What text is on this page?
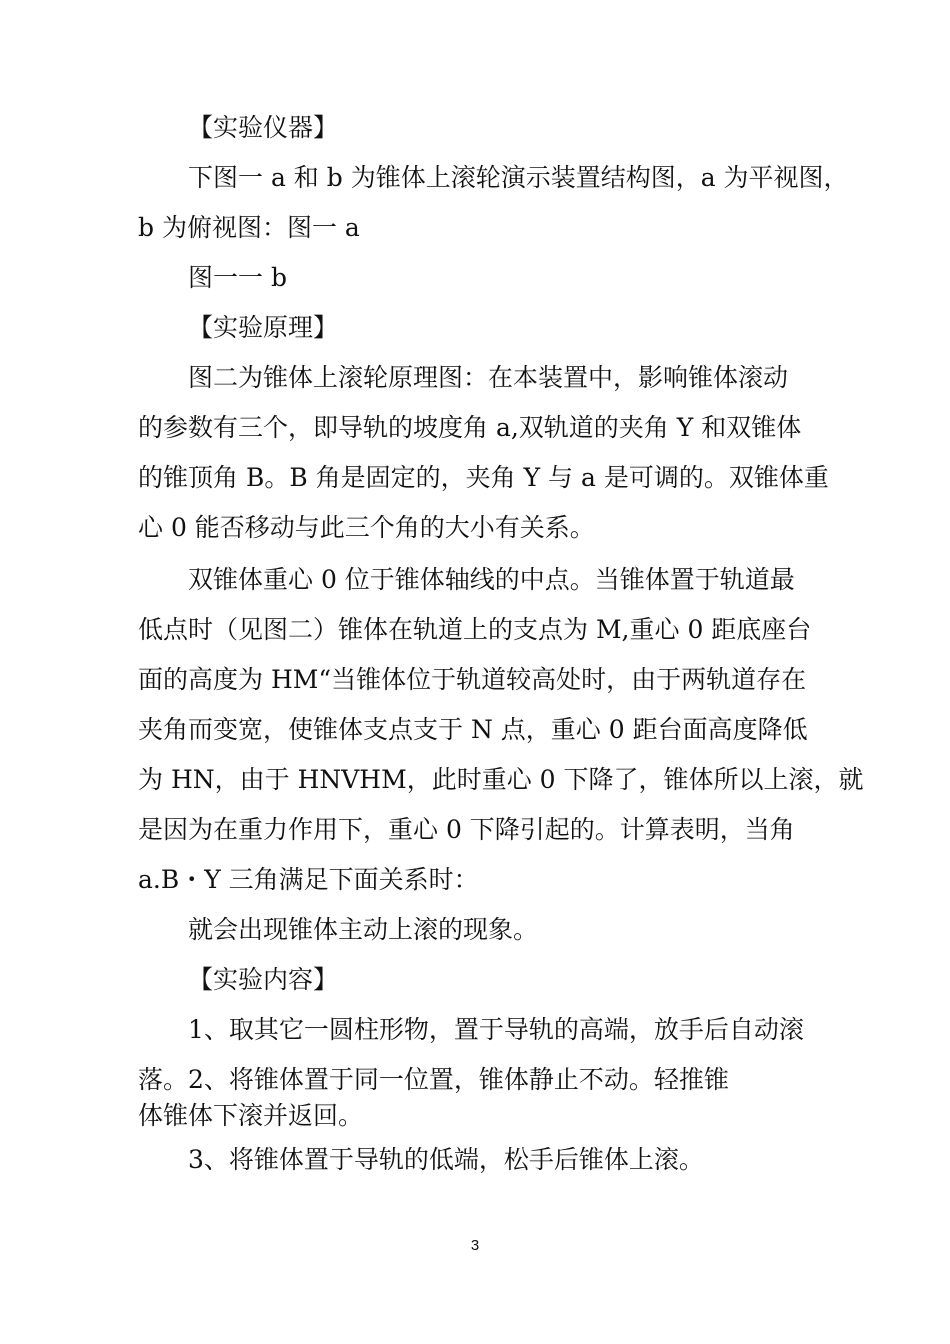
【实验仪器】
下图一 a 和 b 为锥体上滚轮演示装置结构图，a 为平视图，
b 为俯视图：图一 a
图一一 b
【实验原理】
图二为锥体上滚轮原理图：在本装置中，影响锥体滚动
的参数有三个，即导轨的坡度角 a,双轨道的夹角 Y 和双锥体
的锥顶角 B。B 角是固定的，夹角 Y 与 a 是可调的。双锥体重
心 0 能否移动与此三个角的大小有关系。
双锥体重心 0 位于锥体轴线的中点。当锥体置于轨道最
低点时（见图二）锥体在轨道上的支点为 M,重心 0 距底座台
面的高度为 HM“当锥体位于轨道较高处时，由于两轨道存在
夹角而变宽，使锥体支点支于 N 点，重心 0 距台面高度降低
为 HN，由于 HNVHM，此时重心 0 下降了，锥体所以上滚，就
是因为在重力作用下，重心 0 下降引起的。计算表明，当角
a.B・Y 三角满足下面关系时：
就会出现锥体主动上滚的现象。
【实验内容】
1、取其它一圆柱形物，置于导轨的高端，放手后自动滚
落。2、将锥体置于同一位置，锥体静止不动。轻推锥
体锥体下滚并返回。
3、将锥体置于导轨的低端，松手后锥体上滚。
3
